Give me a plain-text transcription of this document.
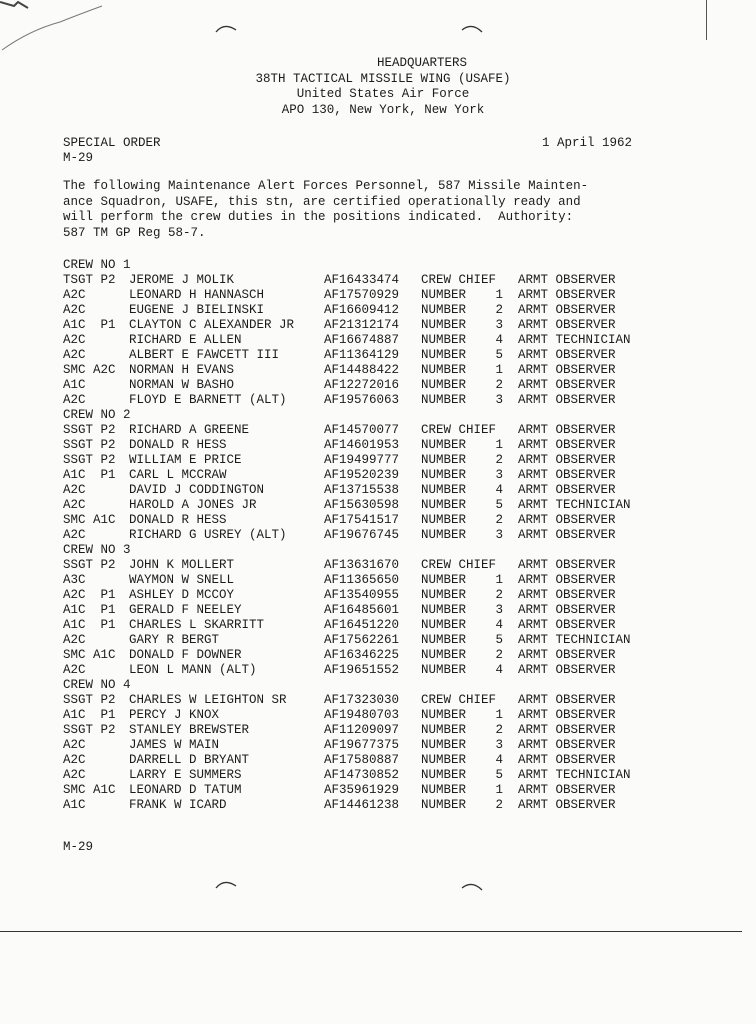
HEADQUARTERS
38TH TACTICAL MISSILE WING (USAFE)
United States Air Force
APO 130, New York, New York
SPECIAL ORDER
M-29
1 April 1962
The following Maintenance Alert Forces Personnel, 587 Missile Mainten-
ance Squadron, USAFE, this stn, are certified operationally ready and
will perform the crew duties in the positions indicated.  Authority:
587 TM GP Reg 58-7.
CREW NO 1
TSGT P2 JEROME J MOLIK	AF16433474 CREW CHIEF ARMT OBSERVER
A2C	LEONARD H HANNASCH	AF17570929 NUMBER	1 ARMT OBSERVER
A2C	EUGENE J BIELINSKI	AF16609412 NUMBER	2 ARMT OBSERVER
A1C  P1 CLAYTON C ALEXANDER JR AF21312174 NUMBER	3 ARMT OBSERVER
A2C	RICHARD E ALLEN	AF16674887 NUMBER	4 ARMT TECHNICIAN
A2C	ALBERT E FAWCETT III	AF11364129 NUMBER	5 ARMT OBSERVER
SMC A2C NORMAN H EVANS	AF14488422 NUMBER	1 ARMT OBSERVER
A1C	NORMAN W BASHO	AF12272016 NUMBER	2 ARMT OBSERVER
A2C	FLOYD E BARNETT (ALT)	AF19576063 NUMBER	3 ARMT OBSERVER
CREW NO 2
SSGT P2 RICHARD A GREENE	AF14570077 CREW CHIEF ARMT OBSERVER
SSGT P2 DONALD R HESS	AF14601953 NUMBER	1 ARMT OBSERVER
SSGT P2 WILLIAM E PRICE	AF19499777 NUMBER	2 ARMT OBSERVER
A1C  P1 CARL L MCCRAW	AF19520239 NUMBER	3 ARMT OBSERVER
A2C	DAVID J CODDINGTON	AF13715538 NUMBER	4 ARMT OBSERVER
A2C	HAROLD A JONES JR	AF15630598 NUMBER	5 ARMT TECHNICIAN
SMC A1C DONALD R HESS	AF17541517 NUMBER	2 ARMT OBSERVER
A2C	RICHARD G USREY (ALT)	AF19676745 NUMBER	3 ARMT OBSERVER
CREW NO 3
SSGT P2 JOHN K MOLLERT	AF13631670 CREW CHIEF ARMT OBSERVER
A3C	WAYMON W SNELL	AF11365650 NUMBER	1 ARMT OBSERVER
A2C  P1 ASHLEY D MCCOY	AF13540955 NUMBER	2 ARMT OBSERVER
A1C  P1 GERALD F NEELEY	AF16485601 NUMBER	3 ARMT OBSERVER
A1C  P1 CHARLES L SKARRITT	AF16451220 NUMBER	4 ARMT OBSERVER
A2C	GARY R BERGT	AF17562261 NUMBER	5 ARMT TECHNICIAN
SMC A1C DONALD F DOWNER	AF16346225 NUMBER	2 ARMT OBSERVER
A2C	LEON L MANN (ALT)	AF19651552 NUMBER	4 ARMT OBSERVER
CREW NO 4
SSGT P2 CHARLES W LEIGHTON SR	AF17323030 CREW CHIEF ARMT OBSERVER
A1C  P1 PERCY J KNOX	AF19480703 NUMBER	1 ARMT OBSERVER
SSGT P2 STANLEY BREWSTER	AF11209097 NUMBER	2 ARMT OBSERVER
A2C	JAMES W MAIN	AF19677375 NUMBER	3 ARMT OBSERVER
A2C	DARRELL D BRYANT	AF17580887 NUMBER	4 ARMT OBSERVER
A2C	LARRY E SUMMERS	AF14730852 NUMBER	5 ARMT TECHNICIAN
SMC A1C LEONARD D TATUM	AF35961929 NUMBER	1 ARMT OBSERVER
A1C	FRANK W ICARD	AF14461238 NUMBER	2 ARMT OBSERVER
M-29
